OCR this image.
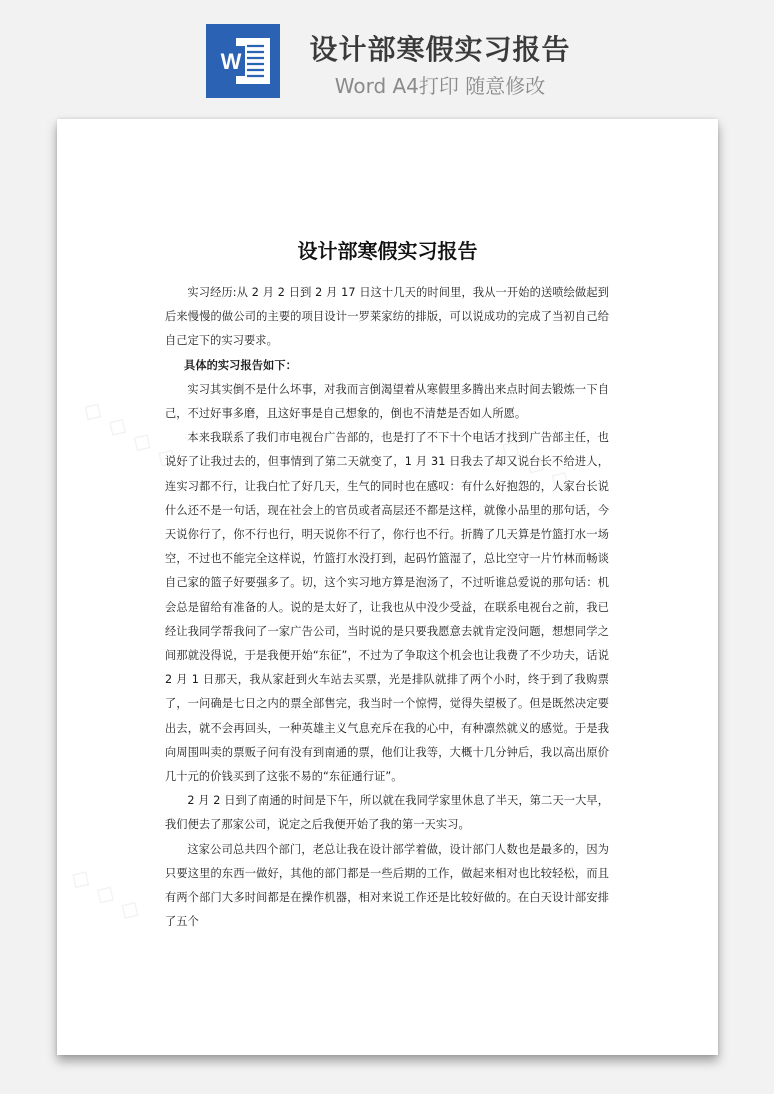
W	设计部寒假实习报告
Word A4打印 随意修改
◇ ◇ ◇ ◇	◇ ◇ ◇
◇ ◇ ◇
设计部寒假实习报告

实习经历:从 2 月 2 日到 2 月 17 日这十几天的时间里，我从一开始的送喷绘做起到后来慢慢的做公司的主要的项目设计一罗莱家纺的排版，可以说成功的完成了当初自己给自己定下的实习要求。

具体的实习报告如下：

实习其实倒不是什么坏事，对我而言倒渴望着从寒假里多腾出来点时间去锻炼一下自己，不过好事多磨，且这好事是自己想象的，倒也不清楚是否如人所愿。

本来我联系了我们市电视台广告部的，也是打了不下十个电话才找到广告部主任，也说好了让我过去的，但事情到了第二天就变了，1 月 31 日我去了却又说台长不给进人，连实习都不行，让我白忙了好几天，生气的同时也在感叹：有什么好抱怨的，人家台长说什么还不是一句话，现在社会上的官员或者高层还不都是这样，就像小品里的那句话，今天说你行了，你不行也行，明天说你不行了，你行也不行。折腾了几天算是竹篮打水一场空，不过也不能完全这样说，竹篮打水没打到，起码竹篮湿了，总比空守一片竹林而畅谈自己家的篮子好要强多了。切，这个实习地方算是泡汤了，不过听谁总爱说的那句话：机会总是留给有准备的人。说的是太好了，让我也从中没少受益，在联系电视台之前，我已经让我同学帮我问了一家广告公司，当时说的是只要我愿意去就肯定没问题，想想同学之间那就没得说，于是我便开始“东征”，不过为了争取这个机会也让我费了不少功夫，话说 2 月 1 日那天，我从家赶到火车站去买票，光是排队就排了两个小时，终于到了我购票了，一问确是七日之内的票全部售完，我当时一个惊愕，觉得失望极了。但是既然决定要出去，就不会再回头，一种英雄主义气息充斥在我的心中，有种凛然就义的感觉。于是我向周围叫卖的票贩子问有没有到南通的票，他们让我等，大概十几分钟后，我以高出原价几十元的价钱买到了这张不易的“东征通行证”。

2 月 2 日到了南通的时间是下午，所以就在我同学家里休息了半天，第二天一大早，我们便去了那家公司，说定之后我便开始了我的第一天实习。

这家公司总共四个部门，老总让我在设计部学着做，设计部门人数也是最多的，因为只要这里的东西一做好，其他的部门都是一些后期的工作，做起来相对也比较轻松，而且有两个部门大多时间都是在操作机器，相对来说工作还是比较好做的。在白天设计部安排了五个
